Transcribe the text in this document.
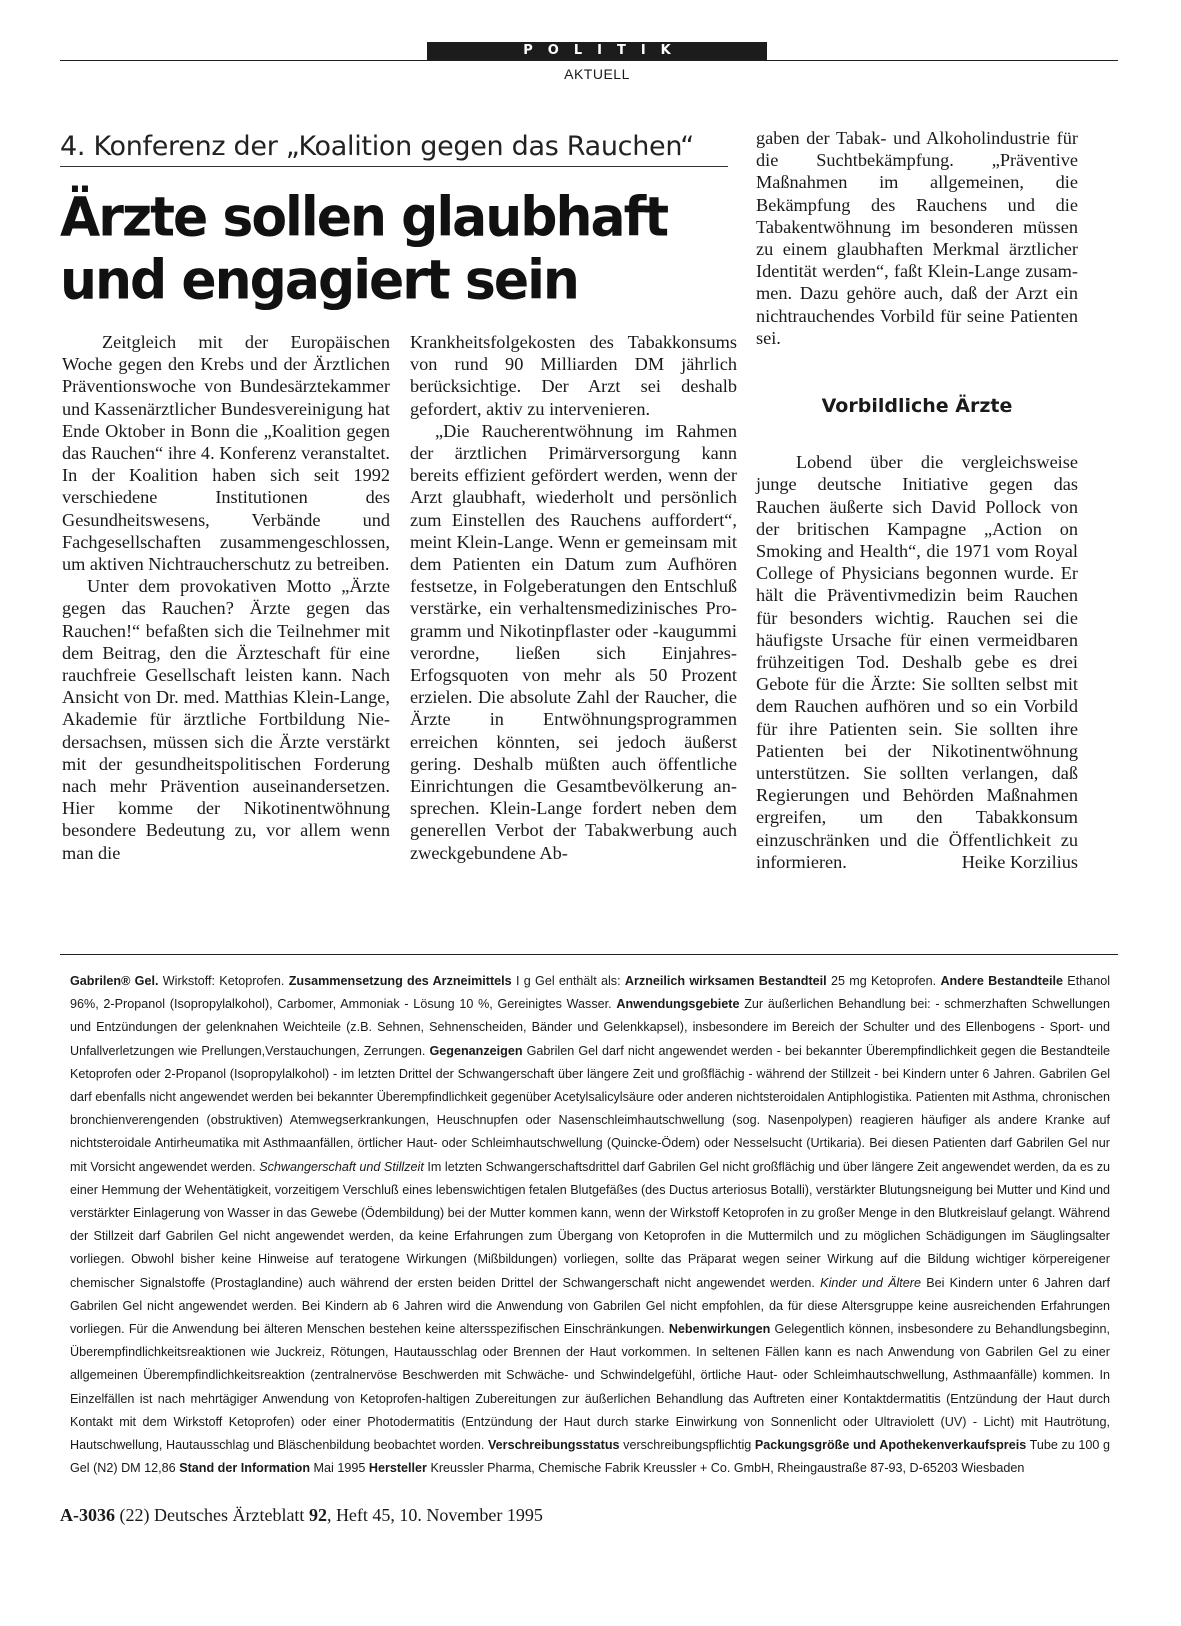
POLITIK
AKTUELL
4. Konferenz der „Koalition gegen das Rauchen“
Ärzte sollen glaubhaft
und engagiert sein

Zeitgleich mit der Europäischen Woche gegen den Krebs und der Ärztlichen Präventionswoche von Bundesärztekammer und Kassenärztlicher Bundesvereinigung hat Ende Oktober in Bonn die „Koalition gegen das Rauchen“ ihre 4. Konferenz veranstaltet. In der Koalition haben sich seit 1992 verschiedene Institutionen des Gesundheitswesens, Verbände und Fachgesellschaften zusammengeschlossen, um aktiven Nichtraucherschutz zu betreiben.

Unter dem provokativen Motto „Ärzte gegen das Rauchen? Ärzte gegen das Rauchen!“ befaßten sich die Teilnehmer mit dem Beitrag, den die Ärzteschaft für eine rauchfreie Gesellschaft leisten kann. Nach Ansicht von Dr. med. Matthias Klein-Lange, Akademie für ärztliche Fortbildung Niedersachsen, müssen sich die Ärzte verstärkt mit der gesundheitspolitischen Forderung nach mehr Prävention auseinandersetzen. Hier komme der Nikotinentwöhnung besondere Bedeutung zu, vor allem wenn man die

Krankheitsfolgekosten des Tabakkonsums von rund 90 Milliarden DM jährlich berücksichtige. Der Arzt sei deshalb gefordert, aktiv zu intervenieren.

„Die Raucherentwöhnung im Rahmen der ärztlichen Primärversorgung kann bereits effizient gefördert werden, wenn der Arzt glaubhaft, wiederholt und persönlich zum Einstellen des Rauchens auffordert“, meint Klein-Lange. Wenn er gemeinsam mit dem Patienten ein Datum zum Aufhören festsetze, in Folgeberatungen den Entschluß verstärke, ein verhaltensmedizinisches Programm und Nikotinpflaster oder -kaugummi verordne, ließen sich Einjahres-Erfogsquoten von mehr als 50 Prozent erzielen. Die absolute Zahl der Raucher, die Ärzte in Entwöhnungsprogrammen erreichen könnten, sei jedoch äußerst gering. Deshalb müßten auch öffentliche Einrichtungen die Gesamtbevölkerung ansprechen. Klein-Lange fordert neben dem generellen Verbot der Tabakwerbung auch zweckgebundene Ab-

gaben der Tabak- und Alkoholindustrie für die Suchtbekämpfung. „Präventive Maßnahmen im allgemeinen, die Bekämpfung des Rauchens und die Tabakentwöhnung im besonderen müssen zu einem glaubhaften Merkmal ärztlicher Identität werden“, faßt Klein-Lange zusammen. Dazu gehöre auch, daß der Arzt ein nichtrauchendes Vorbild für seine Patienten sei.

Vorbildliche Ärzte

Lobend über die vergleichsweise junge deutsche Initiative gegen das Rauchen äußerte sich David Pollock von der britischen Kampagne „Action on Smoking and Health“, die 1971 vom Royal College of Physicians begonnen wurde. Er hält die Präventivmedizin beim Rauchen für besonders wichtig. Rauchen sei die häufigste Ursache für einen vermeidbaren frühzeitigen Tod. Deshalb gebe es drei Gebote für die Ärzte: Sie sollten selbst mit dem Rauchen aufhören und so ein Vorbild für ihre Patienten sein. Sie sollten ihre Patienten bei der Nikotinentwöhnung unterstützen. Sie sollten verlangen, daß Regierungen und Behörden Maßnahmen ergreifen, um den Tabakkonsum einzuschränken und die Öffentlichkeit zu informieren.	Heike Korzilius
Gabrilen® Gel. Wirkstoff: Ketoprofen. Zusammensetzung des Arzneimittels I g Gel enthält als: Arzneilich wirksamen Bestandteil 25 mg Ketoprofen. Andere Bestandteile Ethanol 96%, 2-Propanol (Isopropylalkohol), Carbomer, Ammoniak - Lösung 10 %, Gereinigtes Wasser. Anwendungsgebiete Zur äußerlichen Behandlung bei: - schmerzhaften Schwellungen und Entzündungen der gelenknahen Weichteile (z.B. Sehnen, Sehnenscheiden, Bänder und Gelenkkapsel), insbesondere im Bereich der Schulter und des Ellenbogens - Sport- und Unfallverletzungen wie Prellungen,Verstauchungen, Zerrungen. Gegenanzeigen Gabrilen Gel darf nicht angewendet werden - bei bekannter Überempfindlichkeit gegen die Bestandteile Ketoprofen oder 2-Propanol (Isopropylalkohol) - im letzten Drittel der Schwangerschaft über längere Zeit und großflächig - während der Stillzeit - bei Kindern unter 6 Jahren. Gabrilen Gel darf ebenfalls nicht angewendet werden bei bekannter Überempfindlichkeit gegenüber Acetylsalicylsäure oder anderen nichtsteroidalen Antiphlogistika. Patienten mit Asthma, chronischen bronchienverengenden (obstruktiven) Atemwegserkrankungen, Heuschnupfen oder Nasenschleimhautschwellung (sog. Nasenpolypen) reagieren häufiger als andere Kranke auf nichtsteroidale Antirheumatika mit Asthmaanfällen, örtlicher Haut- oder Schleimhautschwellung (Quincke-Ödem) oder Nesselsucht (Urtikaria). Bei diesen Patienten darf Gabrilen Gel nur mit Vorsicht angewendet werden. Schwangerschaft und Stillzeit Im letzten Schwangerschaftsdrittel darf Gabrilen Gel nicht großflächig und über längere Zeit angewendet werden, da es zu einer Hemmung der Wehentätigkeit, vorzeitigem Verschluß eines lebenswichtigen fetalen Blutgefäßes (des Ductus arteriosus Botalli), verstärkter Blutungsneigung bei Mutter und Kind und verstärkter Einlagerung von Wasser in das Gewebe (Ödembildung) bei der Mutter kommen kann, wenn der Wirkstoff Ketoprofen in zu großer Menge in den Blutkreislauf gelangt. Während der Stillzeit darf Gabrilen Gel nicht angewendet werden, da keine Erfahrungen zum Übergang von Ketoprofen in die Muttermilch und zu möglichen Schädigungen im Säuglingsalter vorliegen. Obwohl bisher keine Hinweise auf teratogene Wirkungen (Mißbildungen) vorliegen, sollte das Präparat wegen seiner Wirkung auf die Bildung wichtiger körpereigener chemischer Signalstoffe (Prostaglandine) auch während der ersten beiden Drittel der Schwangerschaft nicht angewendet werden. Kinder und Ältere Bei Kindern unter 6 Jahren darf Gabrilen Gel nicht angewendet werden. Bei Kindern ab 6 Jahren wird die Anwendung von Gabrilen Gel nicht empfohlen, da für diese Altersgruppe keine ausreichenden Erfahrungen vorliegen. Für die Anwendung bei älteren Menschen bestehen keine altersspezifischen Einschränkungen. Nebenwirkungen Gelegentlich können, insbesondere zu Behandlungsbeginn, Überempfindlichkeitsreaktionen wie Juckreiz, Rötungen, Hautausschlag oder Brennen der Haut vorkommen. In seltenen Fällen kann es nach Anwendung von Gabrilen Gel zu einer allgemeinen Überempfindlichkeitsreaktion (zentralnervöse Beschwerden mit Schwäche- und Schwindelgefühl, örtliche Haut- oder Schleimhautschwellung, Asthmaanfälle) kommen. In Einzelfällen ist nach mehrtägiger Anwendung von Ketoprofen-haltigen Zubereitungen zur äußerlichen Behandlung das Auftreten einer Kontaktdermatitis (Entzündung der Haut durch Kontakt mit dem Wirkstoff Ketoprofen) oder einer Photodermatitis (Entzündung der Haut durch starke Einwirkung von Sonnenlicht oder Ultraviolett (UV) - Licht) mit Hautrötung, Hautschwellung, Hautausschlag und Bläschenbildung beobachtet worden. Verschreibungsstatus verschreibungspflichtig Packungsgröße und Apothekenverkaufspreis Tube zu 100 g Gel (N2) DM 12,86 Stand der Information Mai 1995 Hersteller Kreussler Pharma, Chemische Fabrik Kreussler + Co. GmbH, Rheingaustraße 87-93, D-65203 Wiesbaden
A-3036 (22) Deutsches Ärzteblatt 92, Heft 45, 10. November 1995
